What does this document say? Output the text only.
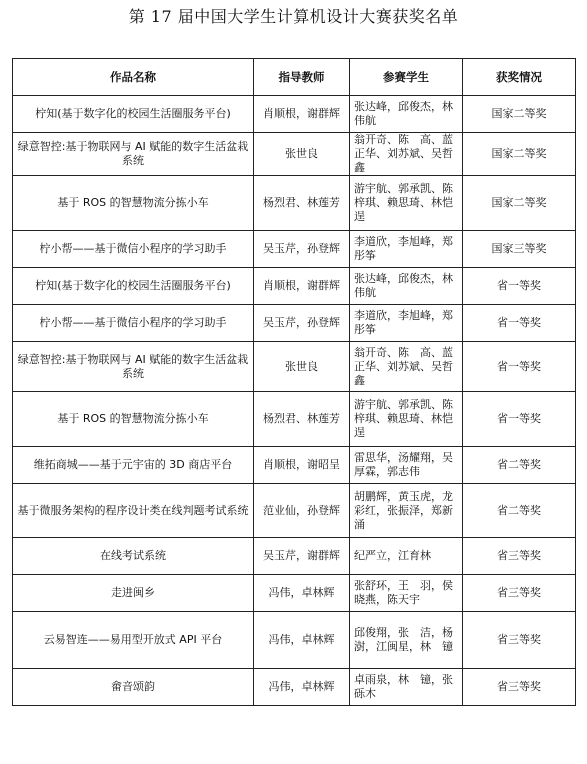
第 17 届中国大学生计算机设计大赛获奖名单
作品名称	指导教师	参赛学生	获奖情况
柠知(基于数字化的校园生活圈服务平台)	肖顺根，谢群辉	张达峰，邱俊杰，林伟航	国家二等奖
绿意智控:基于物联网与 AI 赋能的数字生活盆栽系统	张世良	翁开奇、陈　高、蓝正华、刘苏斌、吴哲鑫	国家二等奖
基于 ROS 的智慧物流分拣小车	杨烈君、林莲芳	游宇航、郭承凯、陈梓琪、赖思琦、林恺逞	国家二等奖
柠小帮——基于微信小程序的学习助手	吴玉芹，孙登辉	李道欣，李旭峰，郑彤筝	国家三等奖
柠知(基于数字化的校园生活圈服务平台)	肖顺根，谢群辉	张达峰，邱俊杰，林伟航	省一等奖
柠小帮——基于微信小程序的学习助手	吴玉芹，孙登辉	李道欣，李旭峰，郑彤筝	省一等奖
绿意智控:基于物联网与 AI 赋能的数字生活盆栽系统	张世良	翁开奇、陈　高、蓝正华、刘苏斌、吴哲鑫	省一等奖
基于 ROS 的智慧物流分拣小车	杨烈君、林莲芳	游宇航、郭承凯、陈梓琪、赖思琦、林恺逞	省一等奖
维拓商城——基于元宇宙的 3D 商店平台	肖顺根，谢昭呈	雷思华，汤耀翔，吴厚霖，郭志伟	省二等奖
基于微服务架构的程序设计类在线判题考试系统	范业仙，孙登辉	胡鹏辉，黄玉虎，龙彩红，张振泽，郑新涌	省二等奖
在线考试系统	吴玉芹，谢群辉	纪严立，江育林	省三等奖
走进闽乡	冯伟，卓林辉	张舒环，王　羽，侯晓燕，陈天宇	省三等奖
云易智连——易用型开放式 API 平台	冯伟，卓林辉	邱俊翔，张　洁，杨　澍，江闽星，林　镱	省三等奖
畲音颂韵	冯伟，卓林辉	卓雨泉，林　镱，张砾木	省三等奖
